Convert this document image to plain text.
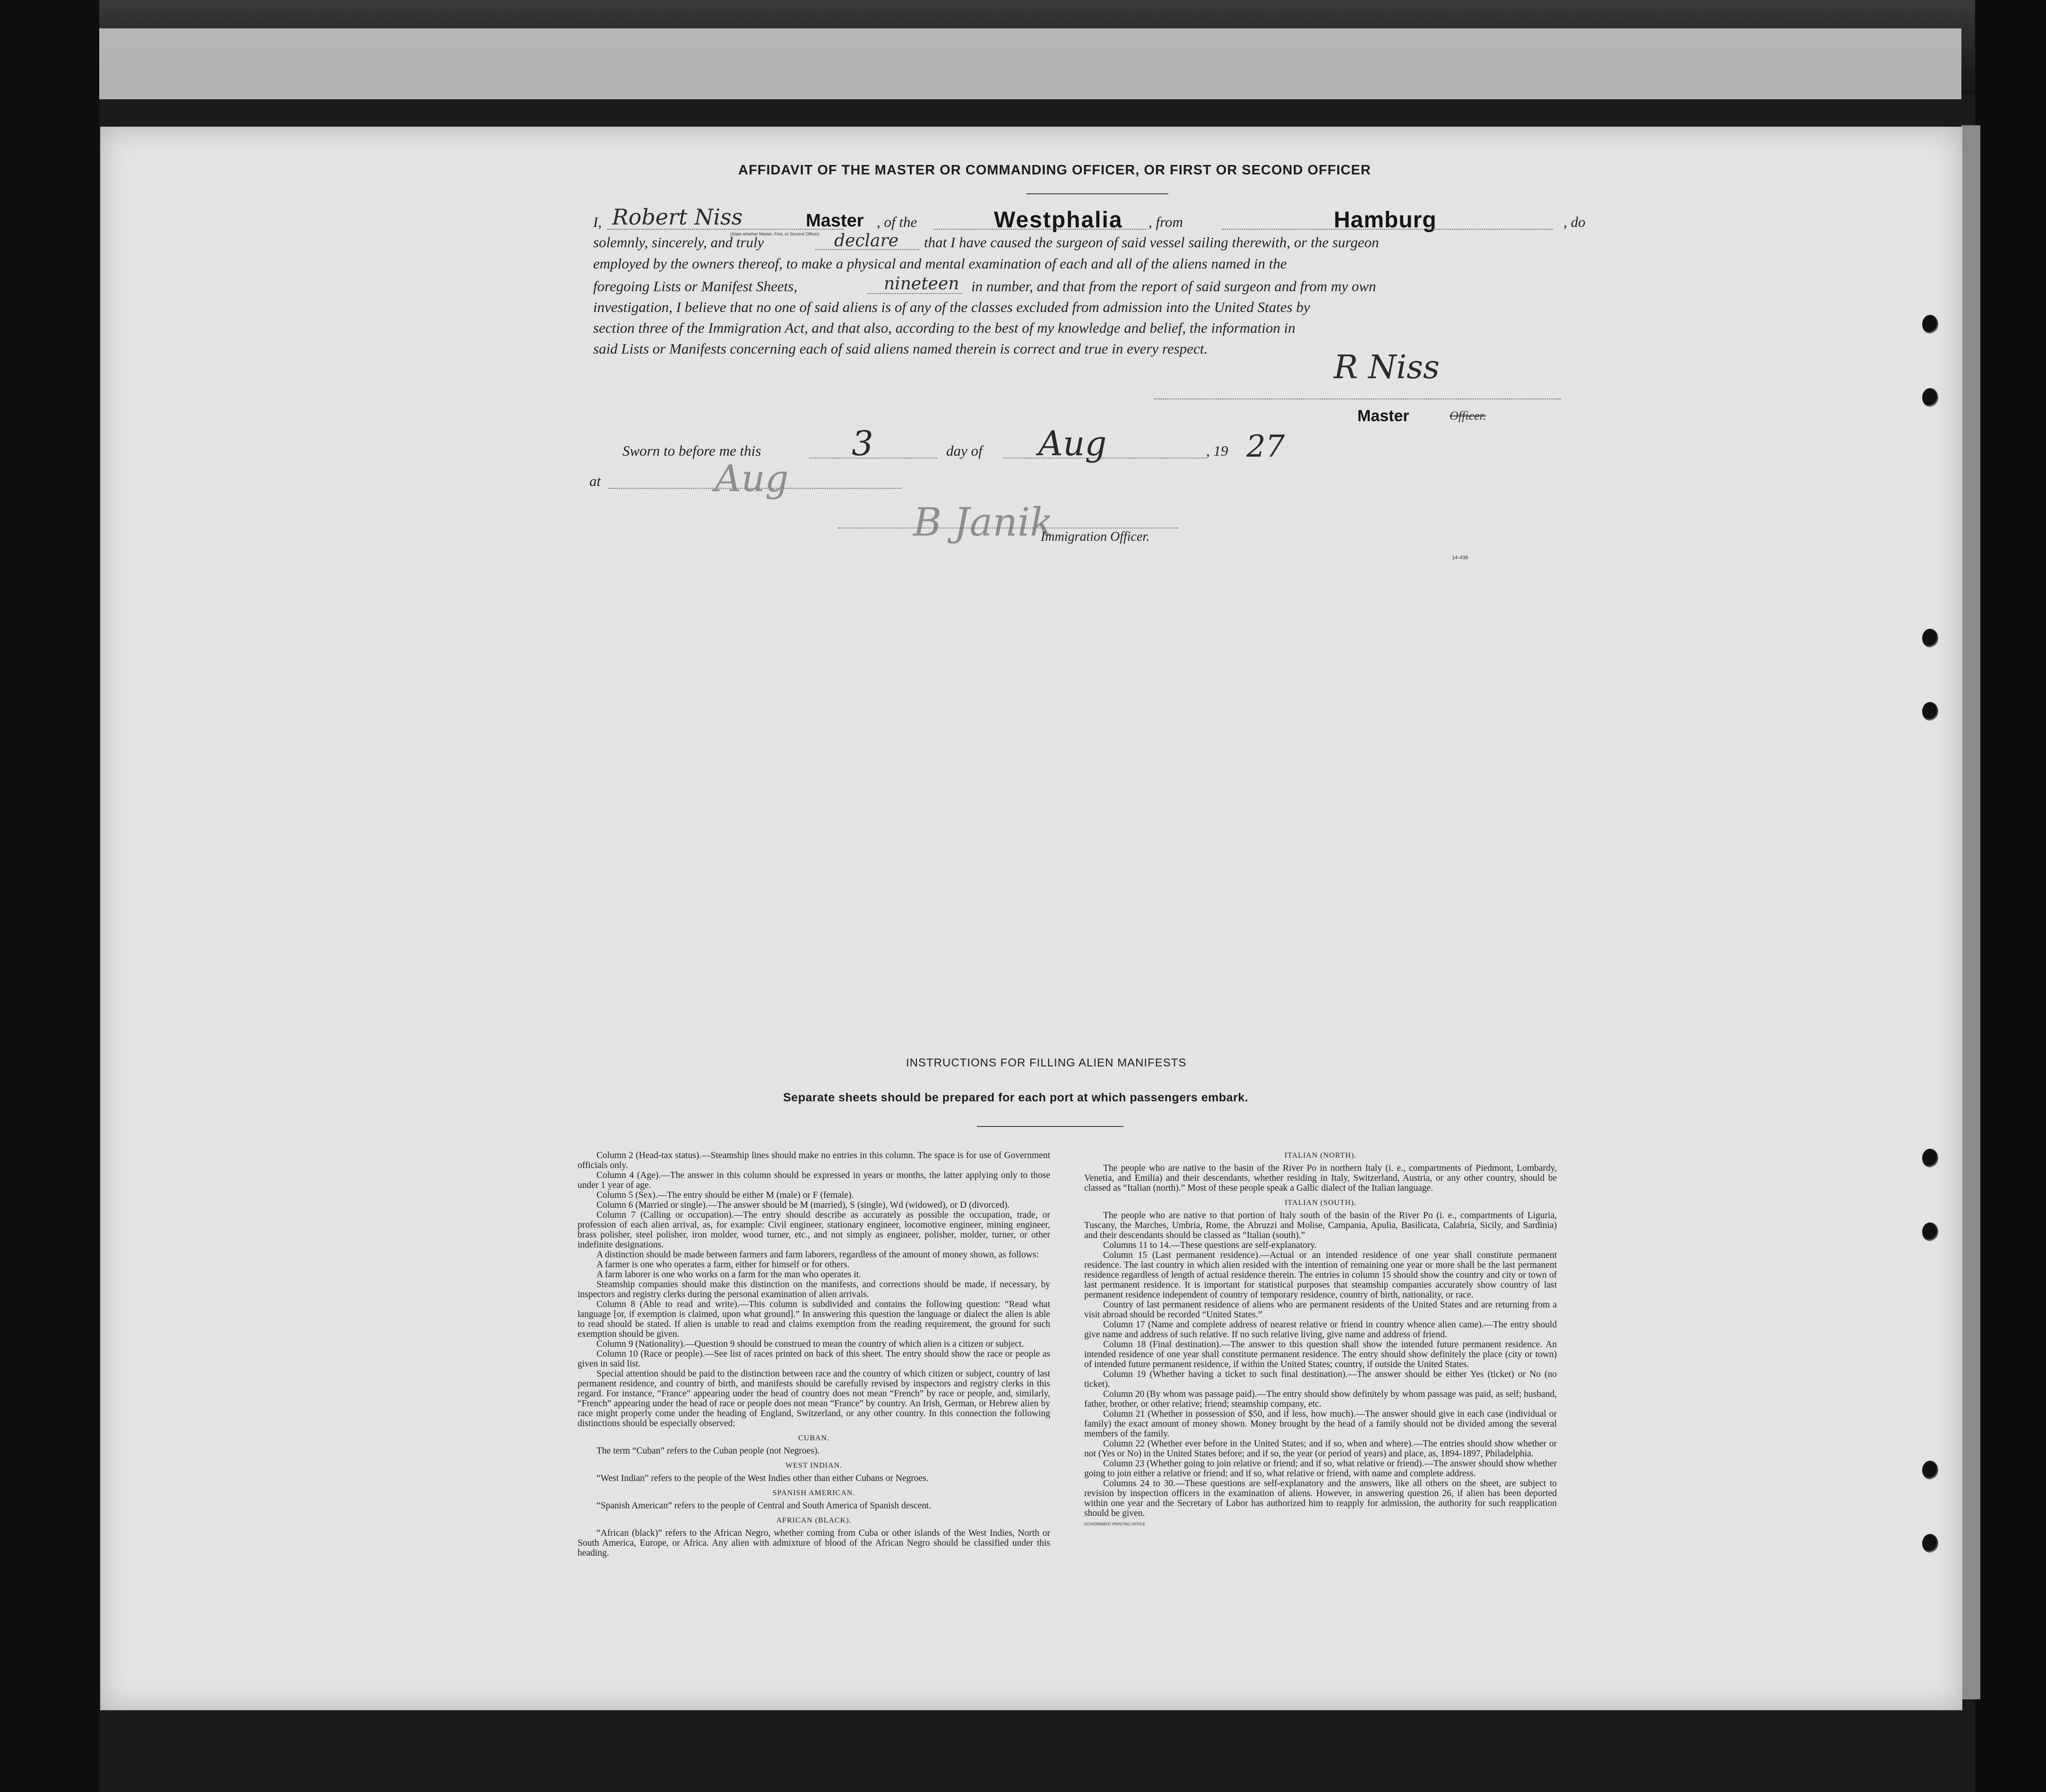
AFFIDAVIT OF THE MASTER OR COMMANDING OFFICER, OR FIRST OR SECOND OFFICER
I, Robert Niss	Master
(State whether Master, First, or Second Officer)
, of the	Westphalia , from	Hamburg	, do
solemnly, sincerely, and truly	declare that I have caused the surgeon of said vessel sailing therewith, or the surgeon
employed by the owners thereof, to make a physical and mental examination of each and all of the aliens named in the
foregoing Lists or Manifest Sheets,	nineteen in number, and that from the report of said surgeon and from my own
investigation, I believe that no one of said aliens is of any of the classes excluded from admission into the United States by
section three of the Immigration Act, and that also, according to the best of my knowledge and belief, the information in
said Lists or Manifests concerning each of said aliens named therein is correct and true in every respect.
R Niss
Master	Officer.
Sworn to before me this	3	day of Aug	, 19 27
at	Aug
B Janik
Immigration Officer.
14-438
INSTRUCTIONS FOR FILLING ALIEN MANIFESTS
Separate sheets should be prepared for each port at which passengers embark.

Column 2 (Head-tax status).—Steamship lines should make no entries in this column. The space is for use of Government officials only.

Column 4 (Age).—The answer in this column should be expressed in years or months, the latter applying only to those under 1 year of age.

Column 5 (Sex).—The entry should be either M (male) or F (female).

Column 6 (Married or single).—The answer should be M (married), S (single), Wd (widowed), or D (divorced).

Column 7 (Calling or occupation).—The entry should describe as accurately as possible the occupation, trade, or profession of each alien arrival, as, for example: Civil engineer, stationary engineer, locomotive engineer, mining engineer, brass polisher, steel polisher, iron molder, wood turner, etc., and not simply as engineer, polisher, molder, turner, or other indefinite designations.

A distinction should be made between farmers and farm laborers, regardless of the amount of money shown, as follows:

A farmer is one who operates a farm, either for himself or for others.

A farm laborer is one who works on a farm for the man who operates it.

Steamship companies should make this distinction on the manifests, and corrections should be made, if necessary, by inspectors and registry clerks during the personal examination of alien arrivals.

Column 8 (Able to read and write).—This column is subdivided and contains the following question: “Read what language [or, if exemption is claimed, upon what ground].” In answering this question the language or dialect the alien is able to read should be stated. If alien is unable to read and claims exemption from the reading requirement, the ground for such exemption should be given.

Column 9 (Nationality).—Question 9 should be construed to mean the country of which alien is a citizen or subject.

Column 10 (Race or people).—See list of races printed on back of this sheet. The entry should show the race or people as given in said list.

Special attention should be paid to the distinction between race and the country of which citizen or subject, country of last permanent residence, and country of birth, and manifests should be carefully revised by inspectors and registry clerks in this regard. For instance, “France” appearing under the head of country does not mean “French” by race or people, and, similarly, “French” appearing under the head of race or people does not mean “France” by country. An Irish, German, or Hebrew alien by race might properly come under the heading of England, Switzerland, or any other country. In this connection the following distinctions should be especially observed:

CUBAN.

The term “Cuban” refers to the Cuban people (not Negroes).

WEST INDIAN.

“West Indian” refers to the people of the West Indies other than either Cubans or Negroes.

SPANISH AMERICAN.

“Spanish American” refers to the people of Central and South America of Spanish descent.

AFRICAN (BLACK).

“African (black)” refers to the African Negro, whether coming from Cuba or other islands of the West Indies, North or South America, Europe, or Africa. Any alien with admixture of blood of the African Negro should be classified under this heading.

ITALIAN (NORTH).

The people who are native to the basin of the River Po in northern Italy (i. e., compartments of Piedmont, Lombardy, Venetia, and Emilia) and their descendants, whether residing in Italy, Switzerland, Austria, or any other country, should be classed as “Italian (north).” Most of these people speak a Gallic dialect of the Italian language.

ITALIAN (SOUTH).

The people who are native to that portion of Italy south of the basin of the River Po (i. e., compartments of Liguria, Tuscany, the Marches, Umbria, Rome, the Abruzzi and Molise, Campania, Apulia, Basilicata, Calabria, Sicily, and Sardinia) and their descendants should be classed as “Italian (south).”

Columns 11 to 14.—These questions are self-explanatory.

Column 15 (Last permanent residence).—Actual or an intended residence of one year shall constitute permanent residence. The last country in which alien resided with the intention of remaining one year or more shall be the last permanent residence regardless of length of actual residence therein. The entries in column 15 should show the country and city or town of last permanent residence. It is important for statistical purposes that steamship companies accurately show country of last permanent residence independent of country of temporary residence, country of birth, nationality, or race.

Country of last permanent residence of aliens who are permanent residents of the United States and are returning from a visit abroad should be recorded “United States.”

Column 17 (Name and complete address of nearest relative or friend in country whence alien came).—The entry should give name and address of such relative. If no such relative living, give name and address of friend.

Column 18 (Final destination).—The answer to this question shall show the intended future permanent residence. An intended residence of one year shall constitute permanent residence. The entry should show definitely the place (city or town) of intended future permanent residence, if within the United States; country, if outside the United States.

Column 19 (Whether having a ticket to such final destination).—The answer should be either Yes (ticket) or No (no ticket).

Column 20 (By whom was passage paid).—The entry should show definitely by whom passage was paid, as self; husband, father, brother, or other relative; friend; steamship company, etc.

Column 21 (Whether in possession of $50, and if less, how much).—The answer should give in each case (individual or family) the exact amount of money shown. Money brought by the head of a family should not be divided among the several members of the family.

Column 22 (Whether ever before in the United States; and if so, when and where).—The entries should show whether or not (Yes or No) in the United States before; and if so, the year (or period of years) and place, as, 1894-1897, Philadelphia.

Column 23 (Whether going to join relative or friend; and if so, what relative or friend).—The answer should show whether going to join either a relative or friend; and if so, what relative or friend, with name and complete address.

Columns 24 to 30.—These questions are self-explanatory and the answers, like all others on the sheet, are subject to revision by inspection officers in the examination of aliens. However, in answering question 26, if alien has been deported within one year and the Secretary of Labor has authorized him to reapply for admission, the authority for such reapplication should be given.

GOVERNMENT PRINTING OFFICE
